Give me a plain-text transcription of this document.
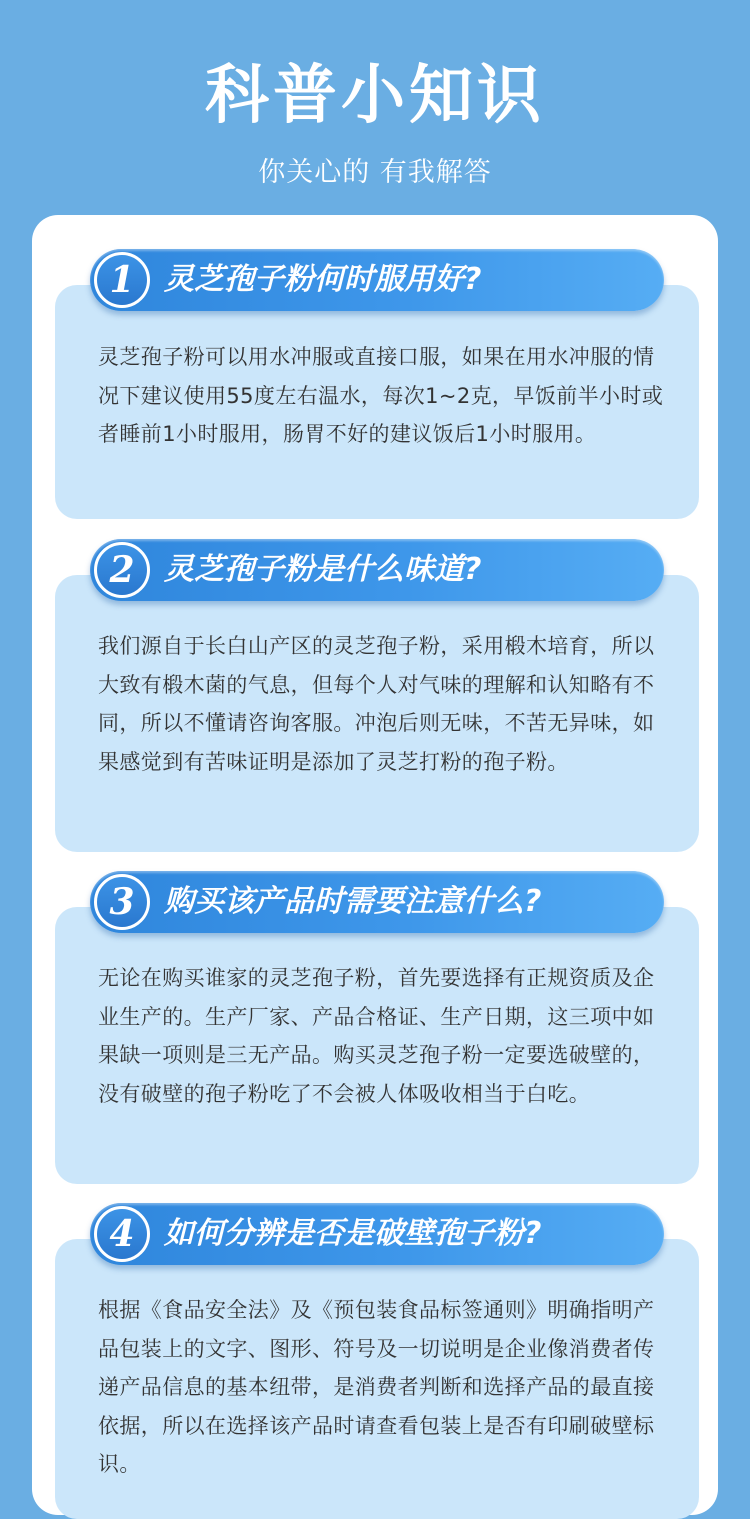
科普小知识
你关心的 有我解答
1 灵芝孢子粉何时服用好?
灵芝孢子粉可以用水冲服或直接口服，如果在用水冲服的情况下建议使用55度左右温水，每次1~2克，早饭前半小时或者睡前1小时服用，肠胃不好的建议饭后1小时服用。
2 灵芝孢子粉是什么味道?
我们源自于长白山产区的灵芝孢子粉，采用椴木培育，所以大致有椴木菌的气息，但每个人对气味的理解和认知略有不同，所以不懂请咨询客服。冲泡后则无味，不苦无异味，如果感觉到有苦味证明是添加了灵芝打粉的孢子粉。
3 购买该产品时需要注意什么?
无论在购买谁家的灵芝孢子粉，首先要选择有正规资质及企业生产的。生产厂家、产品合格证、生产日期，这三项中如果缺一项则是三无产品。购买灵芝孢子粉一定要选破壁的，没有破壁的孢子粉吃了不会被人体吸收相当于白吃。
4 如何分辨是否是破壁孢子粉?
根据《食品安全法》及《预包装食品标签通则》明确指明产品包装上的文字、图形、符号及一切说明是企业像消费者传递产品信息的基本纽带，是消费者判断和选择产品的最直接依据，所以在选择该产品时请查看包装上是否有印刷破壁标识。
